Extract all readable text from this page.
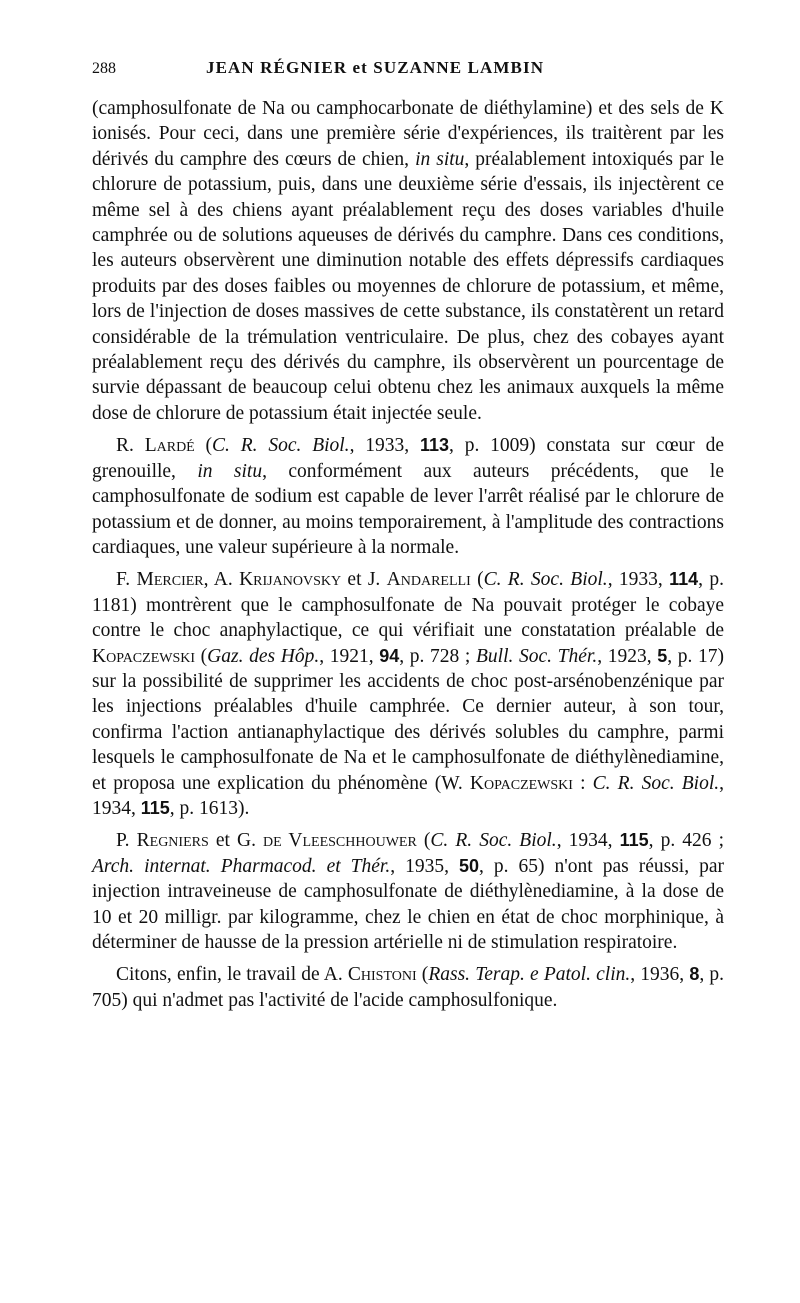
288	JEAN RÉGNIER et SUZANNE LAMBIN

(camphosulfonate de Na ou camphocarbonate de diéthylamine) et des sels de K ionisés. Pour ceci, dans une première série d'expériences, ils traitèrent par les dérivés du camphre des cœurs de chien, in situ, préalablement intoxiqués par le chlorure de potassium, puis, dans une deuxième série d'essais, ils injectèrent ce même sel à des chiens ayant préalablement reçu des doses variables d'huile camphrée ou de solutions aqueuses de dérivés du camphre. Dans ces conditions, les auteurs observèrent une diminution notable des effets dépressifs cardiaques produits par des doses faibles ou moyennes de chlorure de potassium, et même, lors de l'injection de doses massives de cette substance, ils constatèrent un retard considérable de la trémulation ventriculaire. De plus, chez des cobayes ayant préalablement reçu des dérivés du camphre, ils observèrent un pourcentage de survie dépassant de beaucoup celui obtenu chez les animaux auxquels la même dose de chlorure de potassium était injectée seule.

R. Lardé (C. R. Soc. Biol., 1933, 113, p. 1009) constata sur cœur de grenouille, in situ, conformément aux auteurs précédents, que le camphosulfonate de sodium est capable de lever l'arrêt réalisé par le chlorure de potassium et de donner, au moins temporairement, à l'amplitude des contractions cardiaques, une valeur supérieure à la normale.

F. Mercier, A. Krijanovsky et J. Andarelli (C. R. Soc. Biol., 1933, 114, p. 1181) montrèrent que le camphosulfonate de Na pouvait protéger le cobaye contre le choc anaphylactique, ce qui vérifiait une constatation préalable de Kopaczewski (Gaz. des Hôp., 1921, 94, p. 728 ; Bull. Soc. Thér., 1923, 5, p. 17) sur la possibilité de supprimer les accidents de choc post-arsénobenzénique par les injections préalables d'huile camphrée. Ce dernier auteur, à son tour, confirma l'action antianaphylactique des dérivés solubles du camphre, parmi lesquels le camphosulfonate de Na et le camphosulfonate de diéthylènediamine, et proposa une explication du phénomène (W. Kopaczewski : C. R. Soc. Biol., 1934, 115, p. 1613).

P. Regniers et G. de Vleeschhouwer (C. R. Soc. Biol., 1934, 115, p. 426 ; Arch. internat. Pharmacod. et Thér., 1935, 50, p. 65) n'ont pas réussi, par injection intraveineuse de camphosulfonate de diéthylènediamine, à la dose de 10 et 20 milligr. par kilogramme, chez le chien en état de choc morphinique, à déterminer de hausse de la pression artérielle ni de stimulation respiratoire.

Citons, enfin, le travail de A. Chistoni (Rass. Terap. e Patol. clin., 1936, 8, p. 705) qui n'admet pas l'activité de l'acide camphosulfonique.
